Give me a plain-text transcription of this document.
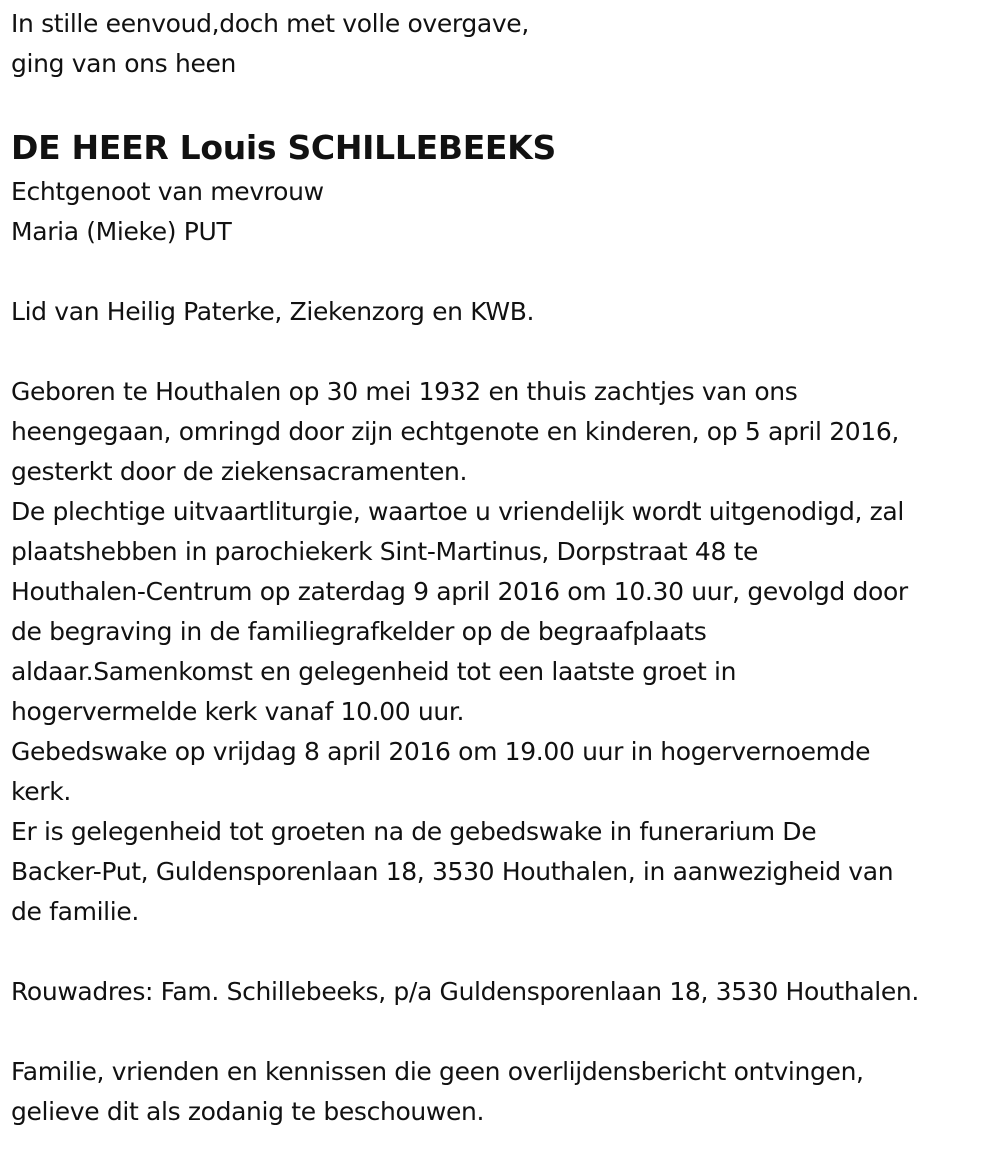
In stille eenvoud,doch met volle overgave,
ging van ons heen
DE HEER Louis SCHILLEBEEKS
Echtgenoot van mevrouw
Maria (Mieke) PUT
Lid van Heilig Paterke, Ziekenzorg en KWB.
Geboren te Houthalen op 30 mei 1932 en thuis zachtjes van ons
heengegaan, omringd door zijn echtgenote en kinderen, op 5 april 2016,
gesterkt door de ziekensacramenten.
De plechtige uitvaartliturgie, waartoe u vriendelijk wordt uitgenodigd, zal
plaatshebben in parochiekerk Sint-Martinus, Dorpstraat 48 te
Houthalen-Centrum op zaterdag 9 april 2016 om 10.30 uur, gevolgd door
de begraving in de familiegrafkelder op de begraafplaats
aldaar.Samenkomst en gelegenheid tot een laatste groet in
hogervermelde kerk vanaf 10.00 uur.
Gebedswake op vrijdag 8 april 2016 om 19.00 uur in hogervernoemde
kerk.
Er is gelegenheid tot groeten na de gebedswake in funerarium De
Backer-Put, Guldensporenlaan 18, 3530 Houthalen, in aanwezigheid van
de familie.
Rouwadres: Fam. Schillebeeks, p/a Guldensporenlaan 18, 3530 Houthalen.
Familie, vrienden en kennissen die geen overlijdensbericht ontvingen,
gelieve dit als zodanig te beschouwen.
